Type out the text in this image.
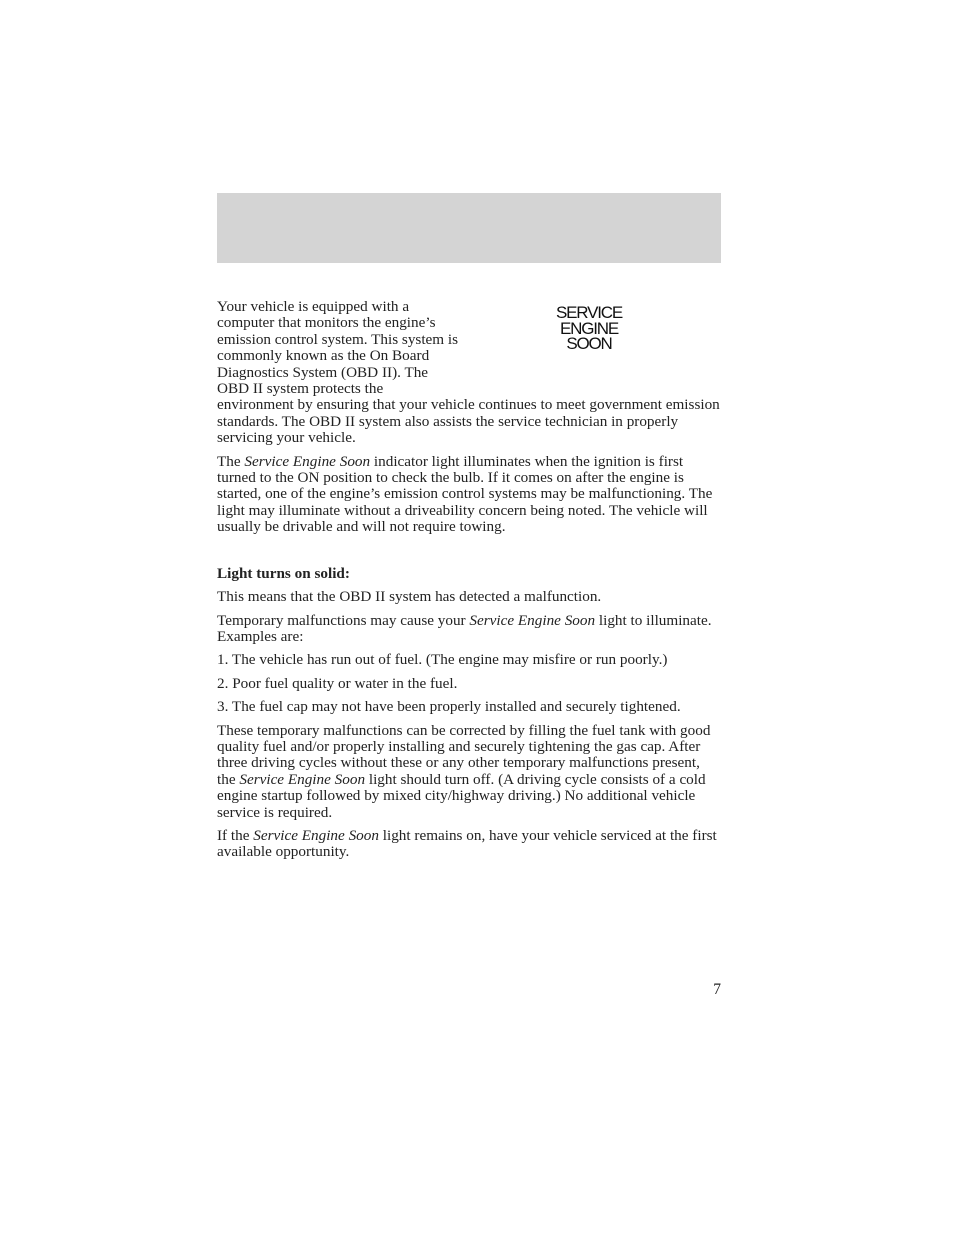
SERVICE
ENGINE
SOON

Your vehicle is equipped with a computer that monitors the engine’s emission control system. This system is commonly known as the On Board Diagnostics System (OBD II). The OBD II system protects the environment by ensuring that your vehicle continues to meet government emission standards. The OBD II system also assists the service technician in properly servicing your vehicle.

The Service Engine Soon indicator light illuminates when the ignition is first turned to the ON position to check the bulb. If it comes on after the engine is started, one of the engine’s emission control systems may be malfunctioning. The light may illuminate without a driveability concern being noted. The vehicle will usually be drivable and will not require towing.

Light turns on solid:

This means that the OBD II system has detected a malfunction.

Temporary malfunctions may cause your Service Engine Soon light to illuminate. Examples are:

1. The vehicle has run out of fuel. (The engine may misfire or run poorly.)

2. Poor fuel quality or water in the fuel.

3. The fuel cap may not have been properly installed and securely tightened.

These temporary malfunctions can be corrected by filling the fuel tank with good quality fuel and/or properly installing and securely tightening the gas cap. After three driving cycles without these or any other temporary malfunctions present, the Service Engine Soon light should turn off. (A driving cycle consists of a cold engine startup followed by mixed city/highway driving.) No additional vehicle service is required.

If the Service Engine Soon light remains on, have your vehicle serviced at the first available opportunity.

7
